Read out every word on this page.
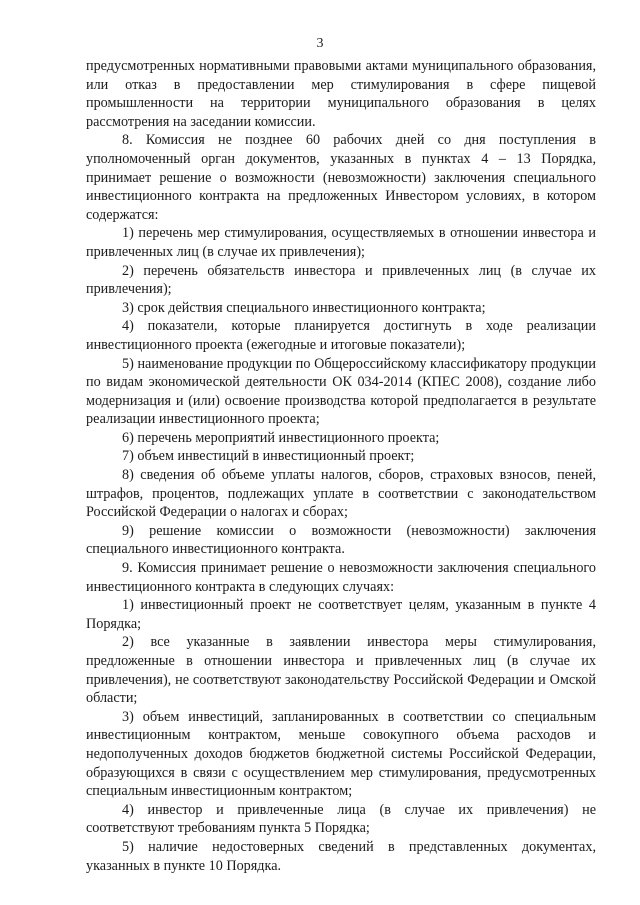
3

предусмотренных нормативными правовыми актами муниципального образования, или отказ в предоставлении мер стимулирования в сфере пищевой промышленности на территории муниципального образования в целях рассмотрения на заседании комиссии.

8. Комиссия не позднее 60 рабочих дней со дня поступления в уполномоченный орган документов, указанных в пунктах 4 – 13 Порядка, принимает решение о возможности (невозможности) заключения специального инвестиционного контракта на предложенных Инвестором условиях, в котором содержатся:

1) перечень мер стимулирования, осуществляемых в отношении инвестора и привлеченных лиц (в случае их привлечения);

2) перечень обязательств инвестора и привлеченных лиц (в случае их привлечения);

3) срок действия специального инвестиционного контракта;

4) показатели, которые планируется достигнуть в ходе реализации инвестиционного проекта (ежегодные и итоговые показатели);

5) наименование продукции по Общероссийскому классификатору продукции по видам экономической деятельности ОК 034-2014 (КПЕС 2008), создание либо модернизация и (или) освоение производства которой предполагается в результате реализации инвестиционного проекта;

6) перечень мероприятий инвестиционного проекта;

7) объем инвестиций в инвестиционный проект;

8) сведения об объеме уплаты налогов, сборов, страховых взносов, пеней, штрафов, процентов, подлежащих уплате в соответствии с законодательством Российской Федерации о налогах и сборах;

9) решение комиссии о возможности (невозможности) заключения специального инвестиционного контракта.

9. Комиссия принимает решение о невозможности заключения специального инвестиционного контракта в следующих случаях:

1) инвестиционный проект не соответствует целям, указанным в пункте 4 Порядка;

2) все указанные в заявлении инвестора меры стимулирования, предложенные в отношении инвестора и привлеченных лиц (в случае их привлечения), не соответствуют законодательству Российской Федерации и Омской области;

3) объем инвестиций, запланированных в соответствии со специальным инвестиционным контрактом, меньше совокупного объема расходов и недополученных доходов бюджетов бюджетной системы Российской Федерации, образующихся в связи с осуществлением мер стимулирования, предусмотренных специальным инвестиционным контрактом;

4) инвестор и привлеченные лица (в случае их привлечения) не соответствуют требованиям пункта 5 Порядка;

5) наличие недостоверных сведений в представленных документах, указанных в пункте 10 Порядка.
